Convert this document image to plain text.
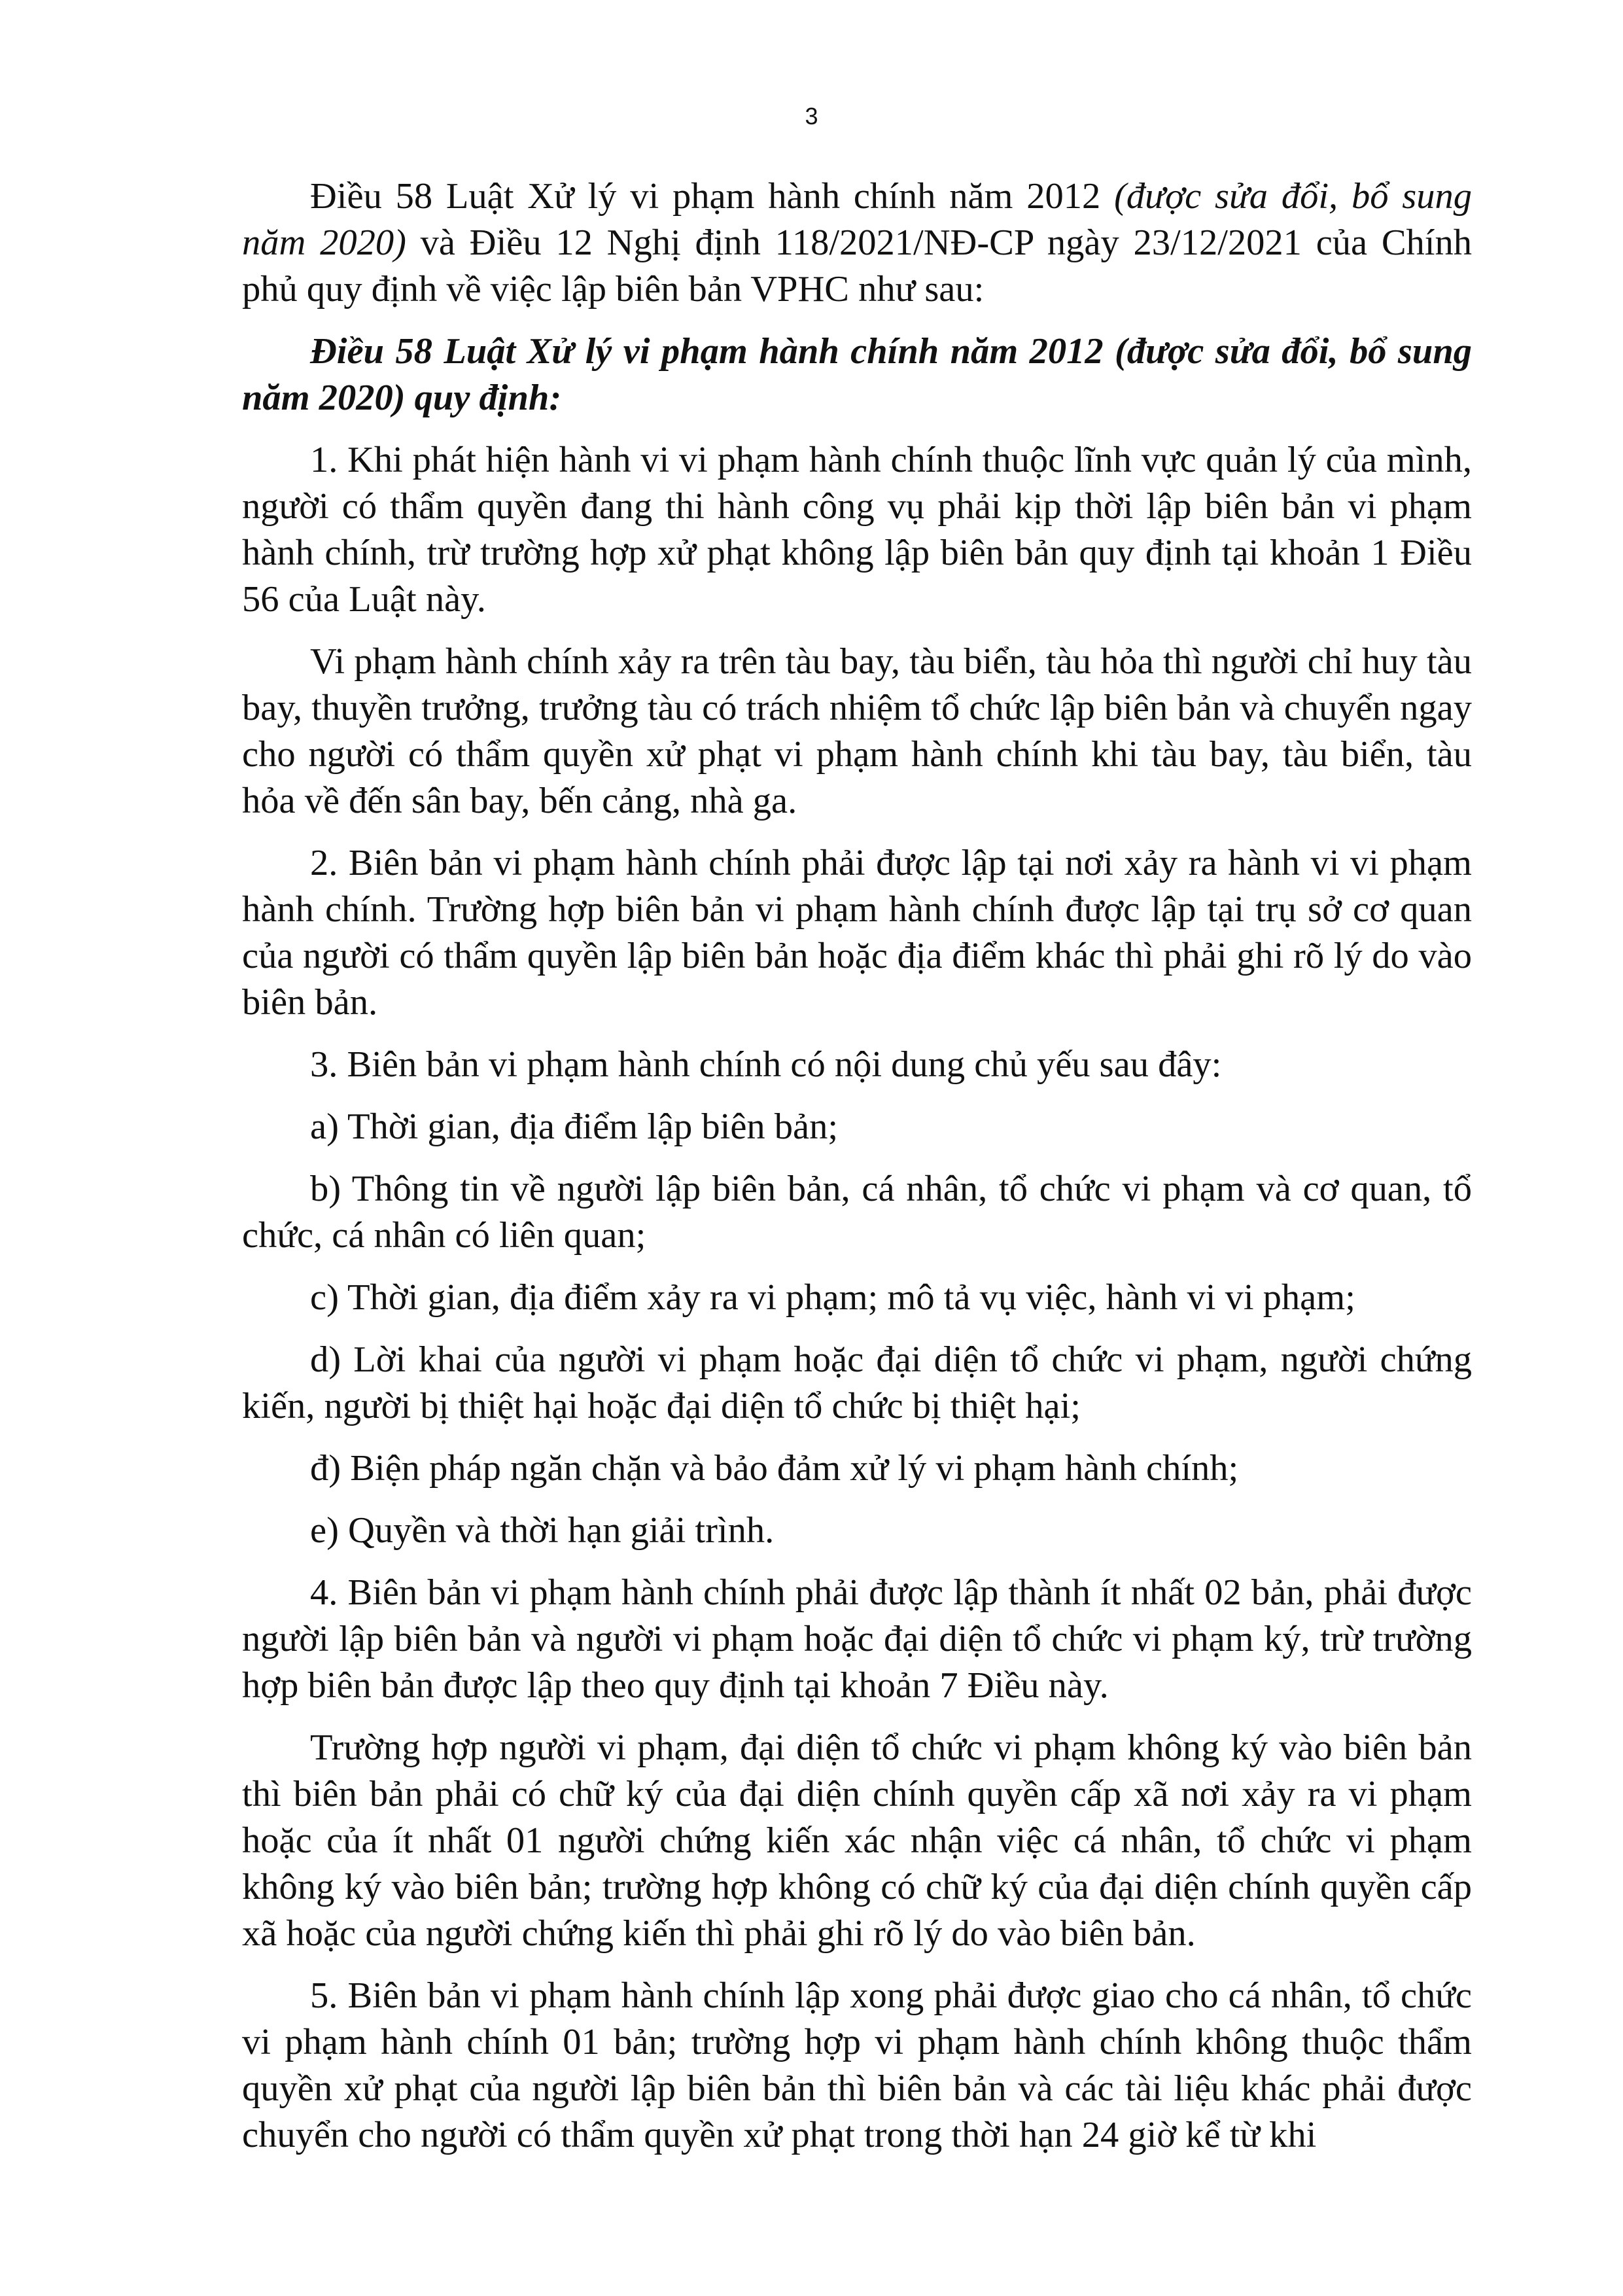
3

Điều 58 Luật Xử lý vi phạm hành chính năm 2012 (được sửa đổi, bổ sung năm 2020) và Điều 12 Nghị định 118/2021/NĐ-CP ngày 23/12/2021 của Chính phủ quy định về việc lập biên bản VPHC như sau:

Điều 58 Luật Xử lý vi phạm hành chính năm 2012 (được sửa đổi, bổ sung năm 2020) quy định:

1. Khi phát hiện hành vi vi phạm hành chính thuộc lĩnh vực quản lý của mình, người có thẩm quyền đang thi hành công vụ phải kịp thời lập biên bản vi phạm hành chính, trừ trường hợp xử phạt không lập biên bản quy định tại khoản 1 Điều 56 của Luật này.

Vi phạm hành chính xảy ra trên tàu bay, tàu biển, tàu hỏa thì người chỉ huy tàu bay, thuyền trưởng, trưởng tàu có trách nhiệm tổ chức lập biên bản và chuyển ngay cho người có thẩm quyền xử phạt vi phạm hành chính khi tàu bay, tàu biển, tàu hỏa về đến sân bay, bến cảng, nhà ga.

2. Biên bản vi phạm hành chính phải được lập tại nơi xảy ra hành vi vi phạm hành chính. Trường hợp biên bản vi phạm hành chính được lập tại trụ sở cơ quan của người có thẩm quyền lập biên bản hoặc địa điểm khác thì phải ghi rõ lý do vào biên bản.

3. Biên bản vi phạm hành chính có nội dung chủ yếu sau đây:

a) Thời gian, địa điểm lập biên bản;

b) Thông tin về người lập biên bản, cá nhân, tổ chức vi phạm và cơ quan, tổ chức, cá nhân có liên quan;

c) Thời gian, địa điểm xảy ra vi phạm; mô tả vụ việc, hành vi vi phạm;

d) Lời khai của người vi phạm hoặc đại diện tổ chức vi phạm, người chứng kiến, người bị thiệt hại hoặc đại diện tổ chức bị thiệt hại;

đ) Biện pháp ngăn chặn và bảo đảm xử lý vi phạm hành chính;

e) Quyền và thời hạn giải trình.

4. Biên bản vi phạm hành chính phải được lập thành ít nhất 02 bản, phải được người lập biên bản và người vi phạm hoặc đại diện tổ chức vi phạm ký, trừ trường hợp biên bản được lập theo quy định tại khoản 7 Điều này.

Trường hợp người vi phạm, đại diện tổ chức vi phạm không ký vào biên bản thì biên bản phải có chữ ký của đại diện chính quyền cấp xã nơi xảy ra vi phạm hoặc của ít nhất 01 người chứng kiến xác nhận việc cá nhân, tổ chức vi phạm không ký vào biên bản; trường hợp không có chữ ký của đại diện chính quyền cấp xã hoặc của người chứng kiến thì phải ghi rõ lý do vào biên bản.

5. Biên bản vi phạm hành chính lập xong phải được giao cho cá nhân, tổ chức vi phạm hành chính 01 bản; trường hợp vi phạm hành chính không thuộc thẩm quyền xử phạt của người lập biên bản thì biên bản và các tài liệu khác phải được chuyển cho người có thẩm quyền xử phạt trong thời hạn 24 giờ kể từ khi
